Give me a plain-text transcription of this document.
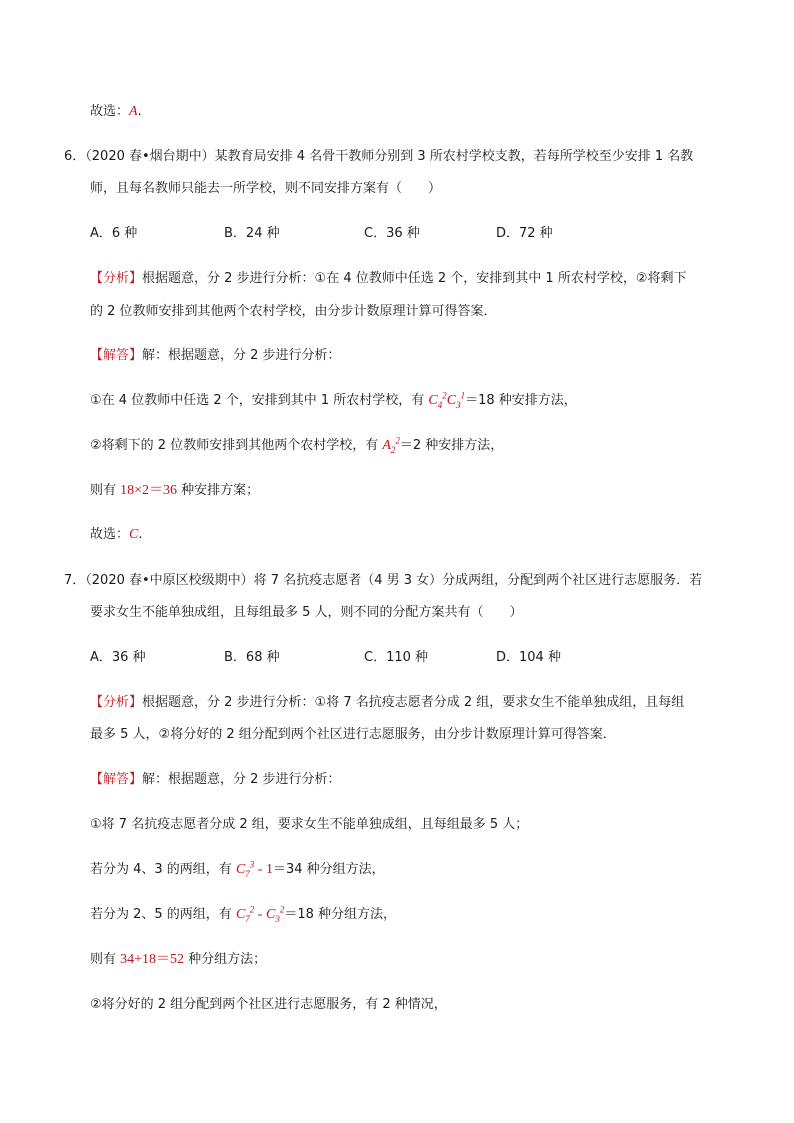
故选：A.
6．（2020 春•烟台期中）某教育局安排 4 名骨干教师分别到 3 所农村学校支教，若每所学校至少安排 1 名教
师，且每名教师只能去一所学校，则不同安排方案有（　　）
A．6 种	B．24 种	C．36 种	D．72 种
【分析】根据题意，分 2 步进行分析：①在 4 位教师中任选 2 个，安排到其中 1 所农村学校，②将剩下
的 2 位教师安排到其他两个农村学校，由分步计数原理计算可得答案．
【解答】解：根据题意，分 2 步进行分析：
①在 4 位教师中任选 2 个，安排到其中 1 所农村学校，有 $C_4^2C_3^1=18$ 种安排方法，
②将剩下的 2 位教师安排到其他两个农村学校，有 $A_2^2=2$ 种安排方法，
则有 18×2＝36 种安排方案；
故选：C.
7．（2020 春•中原区校级期中）将 7 名抗疫志愿者（4 男 3 女）分成两组，分配到两个社区进行志愿服务．若
要求女生不能单独成组，且每组最多 5 人，则不同的分配方案共有（　　）
A．36 种	B．68 种	C．110 种	D．104 种
【分析】根据题意，分 2 步进行分析：①将 7 名抗疫志愿者分成 2 组，要求女生不能单独成组，且每组
最多 5 人，②将分好的 2 组分配到两个社区进行志愿服务，由分步计数原理计算可得答案．
【解答】解：根据题意，分 2 步进行分析：
①将 7 名抗疫志愿者分成 2 组，要求女生不能单独成组，且每组最多 5 人；
若分为 4、3 的两组，有 $C_7^3 - 1=34$ 种分组方法，
若分为 2、5 的两组，有 $C_7^2 - C_3^2=18$ 种分组方法，
则有 34+18＝52 种分组方法；
②将分好的 2 组分配到两个社区进行志愿服务，有 2 种情况，
